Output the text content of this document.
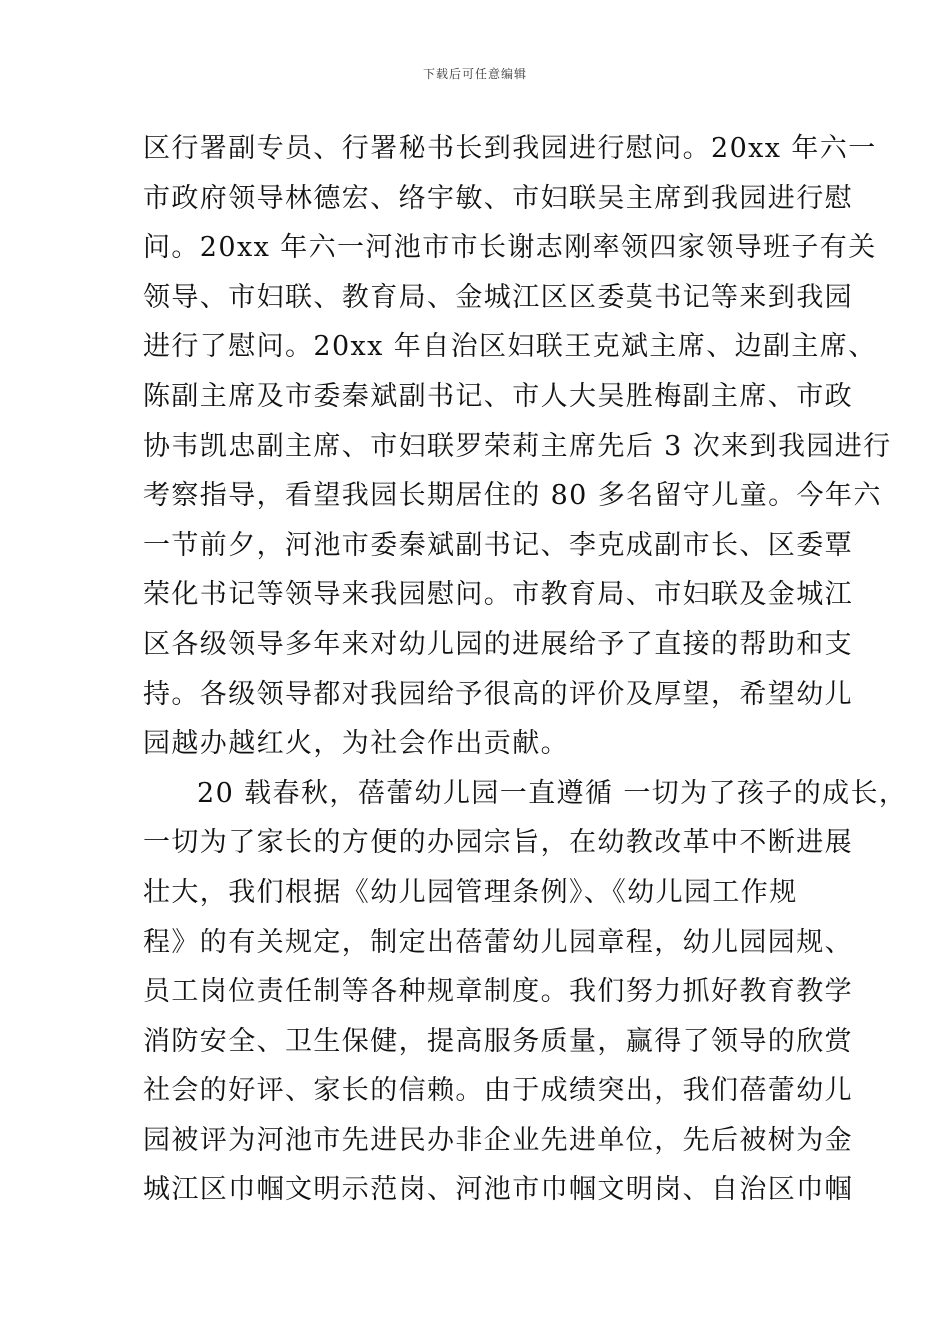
下载后可任意编辑
区行署副专员、行署秘书长到我园进行慰问。20xx 年六一
市政府领导林德宏、络宇敏、市妇联吴主席到我园进行慰
问。20xx 年六一河池市市长谢志刚率领四家领导班子有关
领导、市妇联、教育局、金城江区区委莫书记等来到我园
进行了慰问。20xx 年自治区妇联王克斌主席、边副主席、
陈副主席及市委秦斌副书记、市人大吴胜梅副主席、市政
协韦凯忠副主席、市妇联罗荣莉主席先后 3 次来到我园进行
考察指导，看望我园长期居住的 80 多名留守儿童。今年六
一节前夕，河池市委秦斌副书记、李克成副市长、区委覃
荣化书记等领导来我园慰问。市教育局、市妇联及金城江
区各级领导多年来对幼儿园的进展给予了直接的帮助和支
持。各级领导都对我园给予很高的评价及厚望，希望幼儿
园越办越红火，为社会作出贡献。
20 载春秋，蓓蕾幼儿园一直遵循 一切为了孩子的成长，
一切为了家长的方便的办园宗旨，在幼教改革中不断进展
壮大，我们根据《幼儿园管理条例》、《幼儿园工作规
程》的有关规定，制定出蓓蕾幼儿园章程，幼儿园园规、
员工岗位责任制等各种规章制度。我们努力抓好教育教学
消防安全、卫生保健，提高服务质量，赢得了领导的欣赏
社会的好评、家长的信赖。由于成绩突出，我们蓓蕾幼儿
园被评为河池市先进民办非企业先进单位，先后被树为金
城江区巾帼文明示范岗、河池市巾帼文明岗、自治区巾帼
